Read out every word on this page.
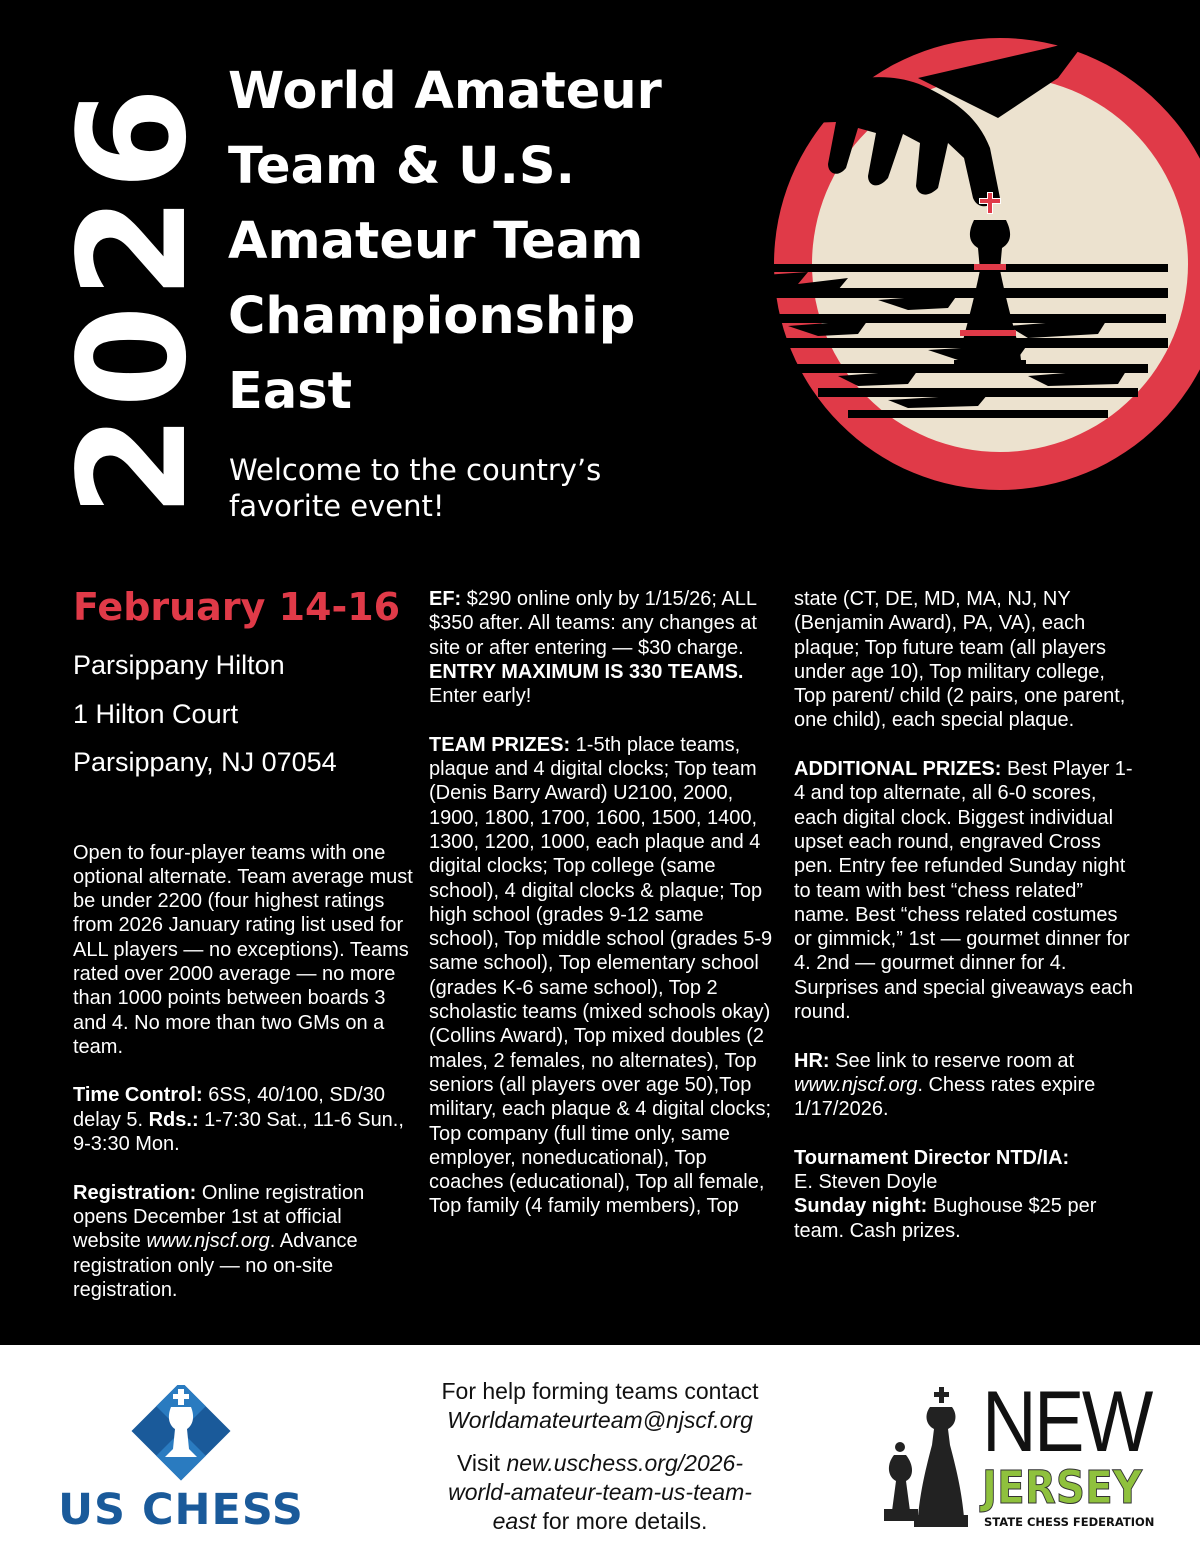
2026 World Amateur
Team & U.S.
Amateur Team
Championship
East
Welcome to the country’s
favorite event!
February 14-16
Parsippany Hilton
1 Hilton Court
Parsippany, NJ 07054

Open to four-player teams with one optional alternate. Team average must be under 2200 (four highest ratings from 2026 January rating list used for ALL players — no exceptions). Teams rated over 2000 average — no more than 1000 points between boards 3 and 4. No more than two GMs on a team.

Time Control: 6SS, 40/100, SD/30 delay 5. Rds.: 1-7:30 Sat., 11-6 Sun., 9-3:30 Mon.

Registration: Online registration opens December 1st at official website www.njscf.org. Advance registration only — no on-site registration.

EF: $290 online only by 1/15/26; ALL $350 after. All teams: any changes at site or after entering — $30 charge. ENTRY MAXIMUM IS 330 TEAMS. Enter early!

TEAM PRIZES: 1-5th place teams, plaque and 4 digital clocks; Top team (Denis Barry Award) U2100, 2000, 1900, 1800, 1700, 1600, 1500, 1400, 1300, 1200, 1000, each plaque and 4 digital clocks; Top college (same school), 4 digital clocks & plaque; Top high school (grades 9-12 same school), Top middle school (grades 5-9 same school), Top elementary school (grades K-6 same school), Top 2 scholastic teams (mixed schools okay) (Collins Award), Top mixed doubles (2 males, 2 females, no alternates), Top seniors (all players over age 50),Top military, each plaque & 4 digital clocks; Top company (full time only, same employer, noneducational), Top coaches (educational), Top all female, Top family (4 family members), Top

state (CT, DE, MD, MA, NJ, NY (Benjamin Award), PA, VA), each plaque; Top future team (all players under age 10), Top military college, Top parent/ child (2 pairs, one parent, one child), each special plaque.

ADDITIONAL PRIZES: Best Player 1-4 and top alternate, all 6-0 scores, each digital clock. Biggest individual upset each round, engraved Cross pen. Entry fee refunded Sunday night to team with best “chess related” name. Best “chess related costumes or gimmick,” 1st — gourmet dinner for 4. 2nd — gourmet dinner for 4. Surprises and special giveaways each round.

HR: See link to reserve room at www.njscf.org. Chess rates expire 1/17/2026.

Tournament Director NTD/IA:
E. Steven Doyle
Sunday night: Bughouse $25 per team. Cash prizes.
US CHESS
For help forming teams contact
Worldamateurteam@njscf.org
Visit new.uschess.org/2026-
world-amateur-team-us-team-
east for more details.
NEW
JERSEY
STATE CHESS FEDERATION
